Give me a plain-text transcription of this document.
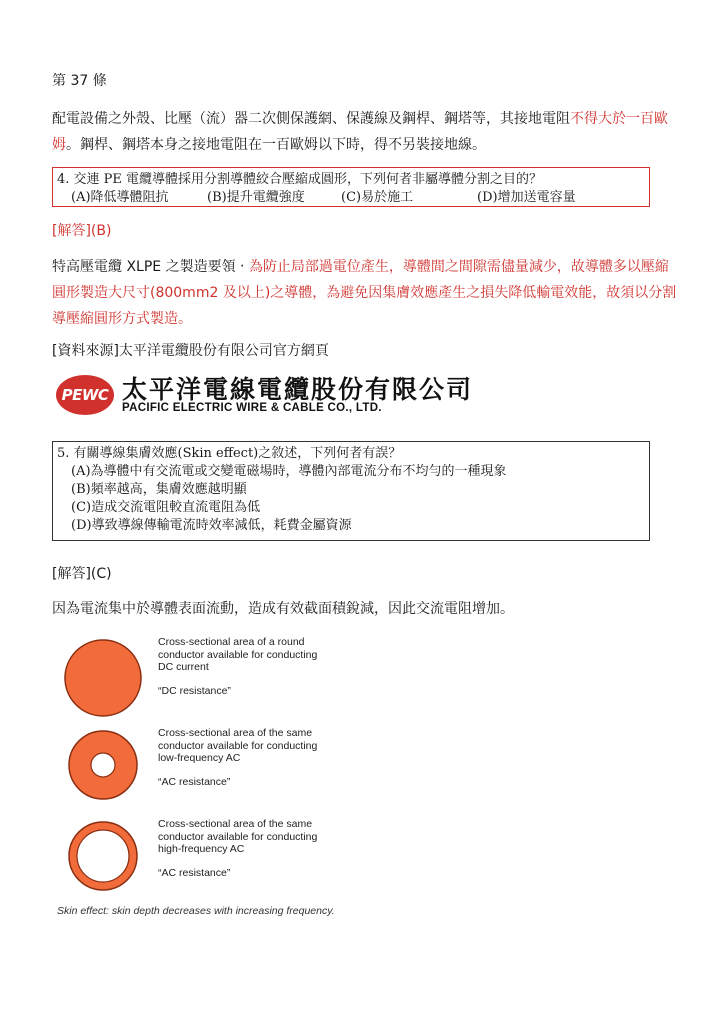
第 37 條
配電設備之外殼、比壓（流）器二次側保護網、保護線及鋼桿、鋼塔等，其接地電阻不得大於一百歐姆。鋼桿、鋼塔本身之接地電阻在一百歐姆以下時，得不另裝接地線。
4. 交連 PE 電纜導體採用分割導體絞合壓縮成圓形，下列何者非屬導體分割之目的？
(A)降低導體阻抗	(B)提升電纜強度	(C)易於施工	(D)增加送電容量
[解答](B)
特高壓電纜 XLPE 之製造要領 ‧ 為防止局部過電位產生，導體間之間隙需儘量減少，故導體多以壓縮圓形製造大尺寸(800mm2 及以上)之導體，為避免因集膚效應產生之損失降低輸電效能，故須以分割導壓縮圓形方式製造。
[資料來源]太平洋電纜股份有限公司官方網頁
PEWC 太平洋電線電纜股份有限公司
PACIFIC ELECTRIC WIRE & CABLE CO., LTD.
5. 有關導線集膚效應(Skin effect)之敘述，下列何者有誤？
(A)為導體中有交流電或交變電磁場時，導體內部電流分布不均勻的一種現象
(B)頻率越高，集膚效應越明顯
(C)造成交流電阻較直流電阻為低
(D)導致導線傳輸電流時效率減低，耗費金屬資源
[解答](C)
因為電流集中於導體表面流動，造成有效截面積銳減，因此交流電阻增加。
Cross-sectional area of a round
conductor available for conducting
DC current
“DC resistance”
Cross-sectional area of the same
conductor available for conducting
low-frequency AC
“AC resistance”
Cross-sectional area of the same
conductor available for conducting
high-frequency AC
“AC resistance”
Skin effect: skin depth decreases with increasing frequency.
